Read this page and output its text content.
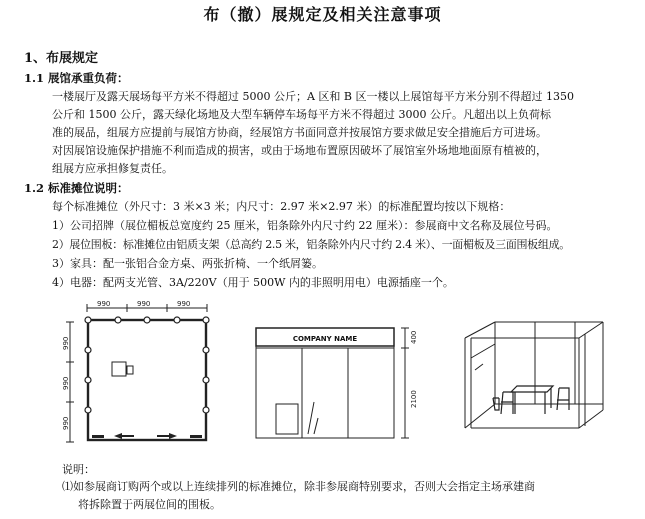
布（撤）展规定及相关注意事项
1、布展规定
1.1 展馆承重负荷：
一楼展厅及露天展场每平方米不得超过 5000 公斤；A 区和 B 区一楼以上展馆每平方米分别不得超过 1350
公斤和 1500 公斤，露天绿化场地及大型车辆停车场每平方米不得超过 3000 公斤。凡超出以上负荷标
准的展品，组展方应提前与展馆方协商，经展馆方书面同意并按展馆方要求做足安全措施后方可进场。
对因展馆设施保护措施不利而造成的损害，或由于场地布置原因破坏了展馆室外场地地面原有植被的，
组展方应承担修复责任。
1.2 标准摊位说明：
每个标准摊位（外尺寸：3 米×3 米；内尺寸：2.97 米×2.97 米）的标准配置均按以下规格：
1）公司招牌（展位楣板总宽度约 25 厘米，铝条除外内尺寸约 22 厘米）：参展商中文名称及展位号码。
2）展位围板：标准摊位由铝质支架（总高约 2.5 米，铝条除外内尺寸约 2.4 米）、一面楣板及三面围板组成。
3）家具：配一张铝合金方桌、两张折椅、一个纸屑篓。
4）电器：配两支光管、3A/220V（用于 500W 内的非照明用电）电源插座一个。
990	990	990
990
990
990
COMPANY NAME	400
2100
说明：
⑴如参展商订购两个或以上连续排列的标准摊位，除非参展商特别要求，否则大会指定主场承建商
将拆除置于两展位间的围板。
